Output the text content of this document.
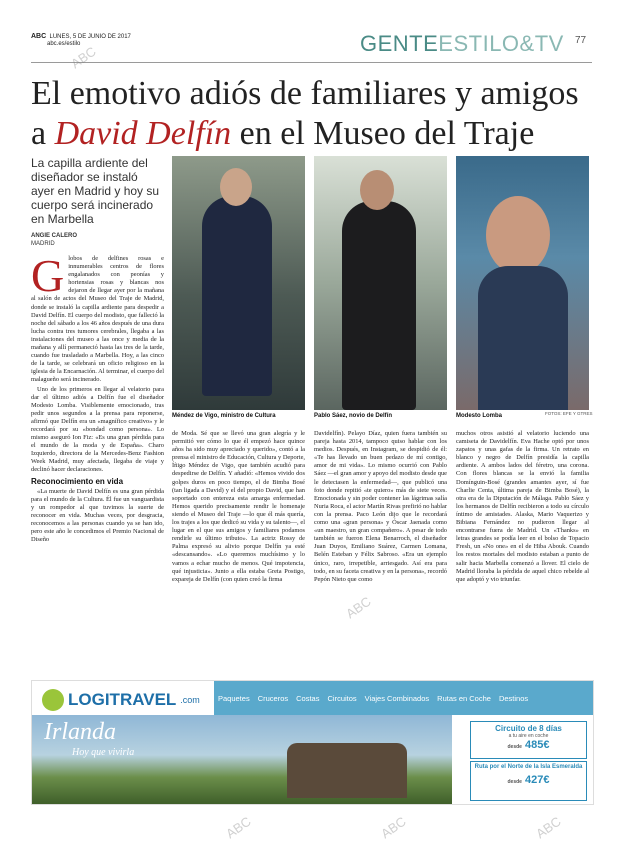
ABC LUNES, 5 DE JUNIO DE 2017
abc.es/estilo	GENTEESTILO&TV 77
El emotivo adiós de familiares y amigos
a David Delfín en el Museo del Traje
La capilla ardiente del diseñador se instaló ayer en Madrid y hoy su cuerpo será incinerado en Marbella
ANGIE CALERO
MADRID
Méndez de Vigo, ministro de Cultura	Pablo Sáez, novio de Delfín	Modesto Lomba	FOTOS: EFE Y GTRES

Globos de delfines rosas e innumerables centros de flores engalanados con peonías y hortensias rosas y blancas nos dejaron de llegar ayer por la mañana al salón de actos del Museo del Traje de Madrid, donde se instaló la capilla ardiente para despedir a David Delfín. El cuerpo del modisto, que falleció la noche del sábado a los 46 años después de una dura lucha contra tres tumores cerebrales, llegaba a las instalaciones del museo a las once y media de la mañana y allí permaneció hasta las tres de la tarde, cuando fue trasladado a Marbella. Hoy, a las cinco de la tarde, se celebrará un oficio religioso en la iglesia de la Encarnación. Al terminar, el cuerpo del malagueño será incinerado.

Uno de los primeros en llegar al velatorio para dar el último adiós a Delfín fue el diseñador Modesto Lomba. Visiblemente emocionado, tras pedir unos segundos a la prensa para reponerse, afirmó que Delfín era un «magnífico creativo» y le recordará por su «bondad como persona». Lo mismo aseguró Ion Fiz: «Es una gran pérdida para el mundo de la moda y de España». Charo Izquierdo, directora de la Mercedes-Benz Fashion Week Madrid, muy afectada, llegaba de viaje y declinó hacer declaraciones.

Reconocimiento en vida

«La muerte de David Delfín es una gran pérdida para el mundo de la Cultura. Él fue un vanguardista y un rompedor al que tuvimos la suerte de reconocer en vida. Muchas veces, por desgracia, reconocemos a las personas cuando ya se han ido, pero este año le concedimos el Premio Nacional de Diseño

de Moda. Sé que se llevó una gran alegría y le permitió ver cómo lo que él empezó hace quince años ha sido muy apreciado y querido», contó a la prensa el ministro de Educación, Cultura y Deporte, Íñigo Méndez de Vigo, que también acudió para despedirse de Delfín. Y añadió: «Hemos vivido dos golpes duros en poco tiempo, el de Bimba Bosé (tan ligada a David) y el del propio David, que han soportado con entereza esta amarga enfermedad. Hemos querido precisamente rendir le homenaje siendo el Museo del Traje —lo que él más quería, los trajes a los que dedicó su vida y su talento—, el lugar en el que sus amigos y familiares podamos rendirle su último tributo». La actriz Rossy de Palma expresó su alivio porque Delfín ya esté «descansando». «Lo queremos muchísimo y lo vamos a echar mucho de menos. Qué impotencia, qué injusticia». Junto a ella estaba Greta Postigo, expareja de Delfín (con quien creó la firma

Davidelfín). Pelayo Díaz, quien fuera también su pareja hasta 2014, tampoco quiso hablar con los medios. Después, en Instagram, se despidió de él: «Te has llevado un buen pedazo de mí contigo, amor de mi vida». Lo mismo ocurrió con Pablo Sáez —el gran amor y apoyo del modisto desde que le detectasen la enfermedad—, que publicó una foto donde repitió «te quiero» más de siete veces. Emocionada y sin poder contener las lágrimas salía Nuria Roca, el actor Martín Rivas prefirió no hablar con la prensa. Paco León dijo que le recordará como una «gran persona» y Óscar Jaenada como «un maestro, un gran compañero». A pesar de todo también se fueron Elena Benarroch, el diseñador Juan Duyos, Emiliano Suárez, Carmen Lomana, Belén Esteban y Félix Sabroso. «Era un ejemplo único, raro, irrepetible, arriesgado. Así era para todo, en su faceta creativa y en la persona», recordó Pepón Nieto que como

muchos otros asistió al velatorio luciendo una camiseta de Davidelfín. Eva Hache optó por unos zapatos y unas gafas de la firma. Un retrato en blanco y negro de Delfín presidía la capilla ardiente. A ambos lados del féretro, una corona. Con flores blancas se la envió la familia Domínguin-Bosé (grandes amantes ayer, sí fue Charlie Centa, última pareja de Bimba Bosé), la otra era de la Diputación de Málaga. Pablo Sáez y los hermanos de Delfín recibieron a todo su círculo íntimo de amistades. Alaska, Mario Vaquerizo y Bibiana Fernández no pudieron llegar al encontrarse fuera de Madrid. Un «Thanks» en letras grandes se podía leer en el bolso de Topacio Fresh, un «No one» en el de Hiba Abouk. Cuando los restos mortales del modisto estaban a punto de salir hacia Marbella comenzó a llover. El cielo de Madrid lloraba la pérdida de aquel chico rebelde al que adoptó y vio triunfar.

LOGITRAVEL .com	Paquetes	Cruceros	Costas	Circuitos	Viajes Combinados	Rutas en Coche	Destinos
Irlanda
Hoy que vivirla
Circuito de 8 días
a tu aire en coche
desde 485€
Ruta por el Norte de la Isla Esmeralda
desde 427€
ABC
ABC	ABC	ABC
ABC
